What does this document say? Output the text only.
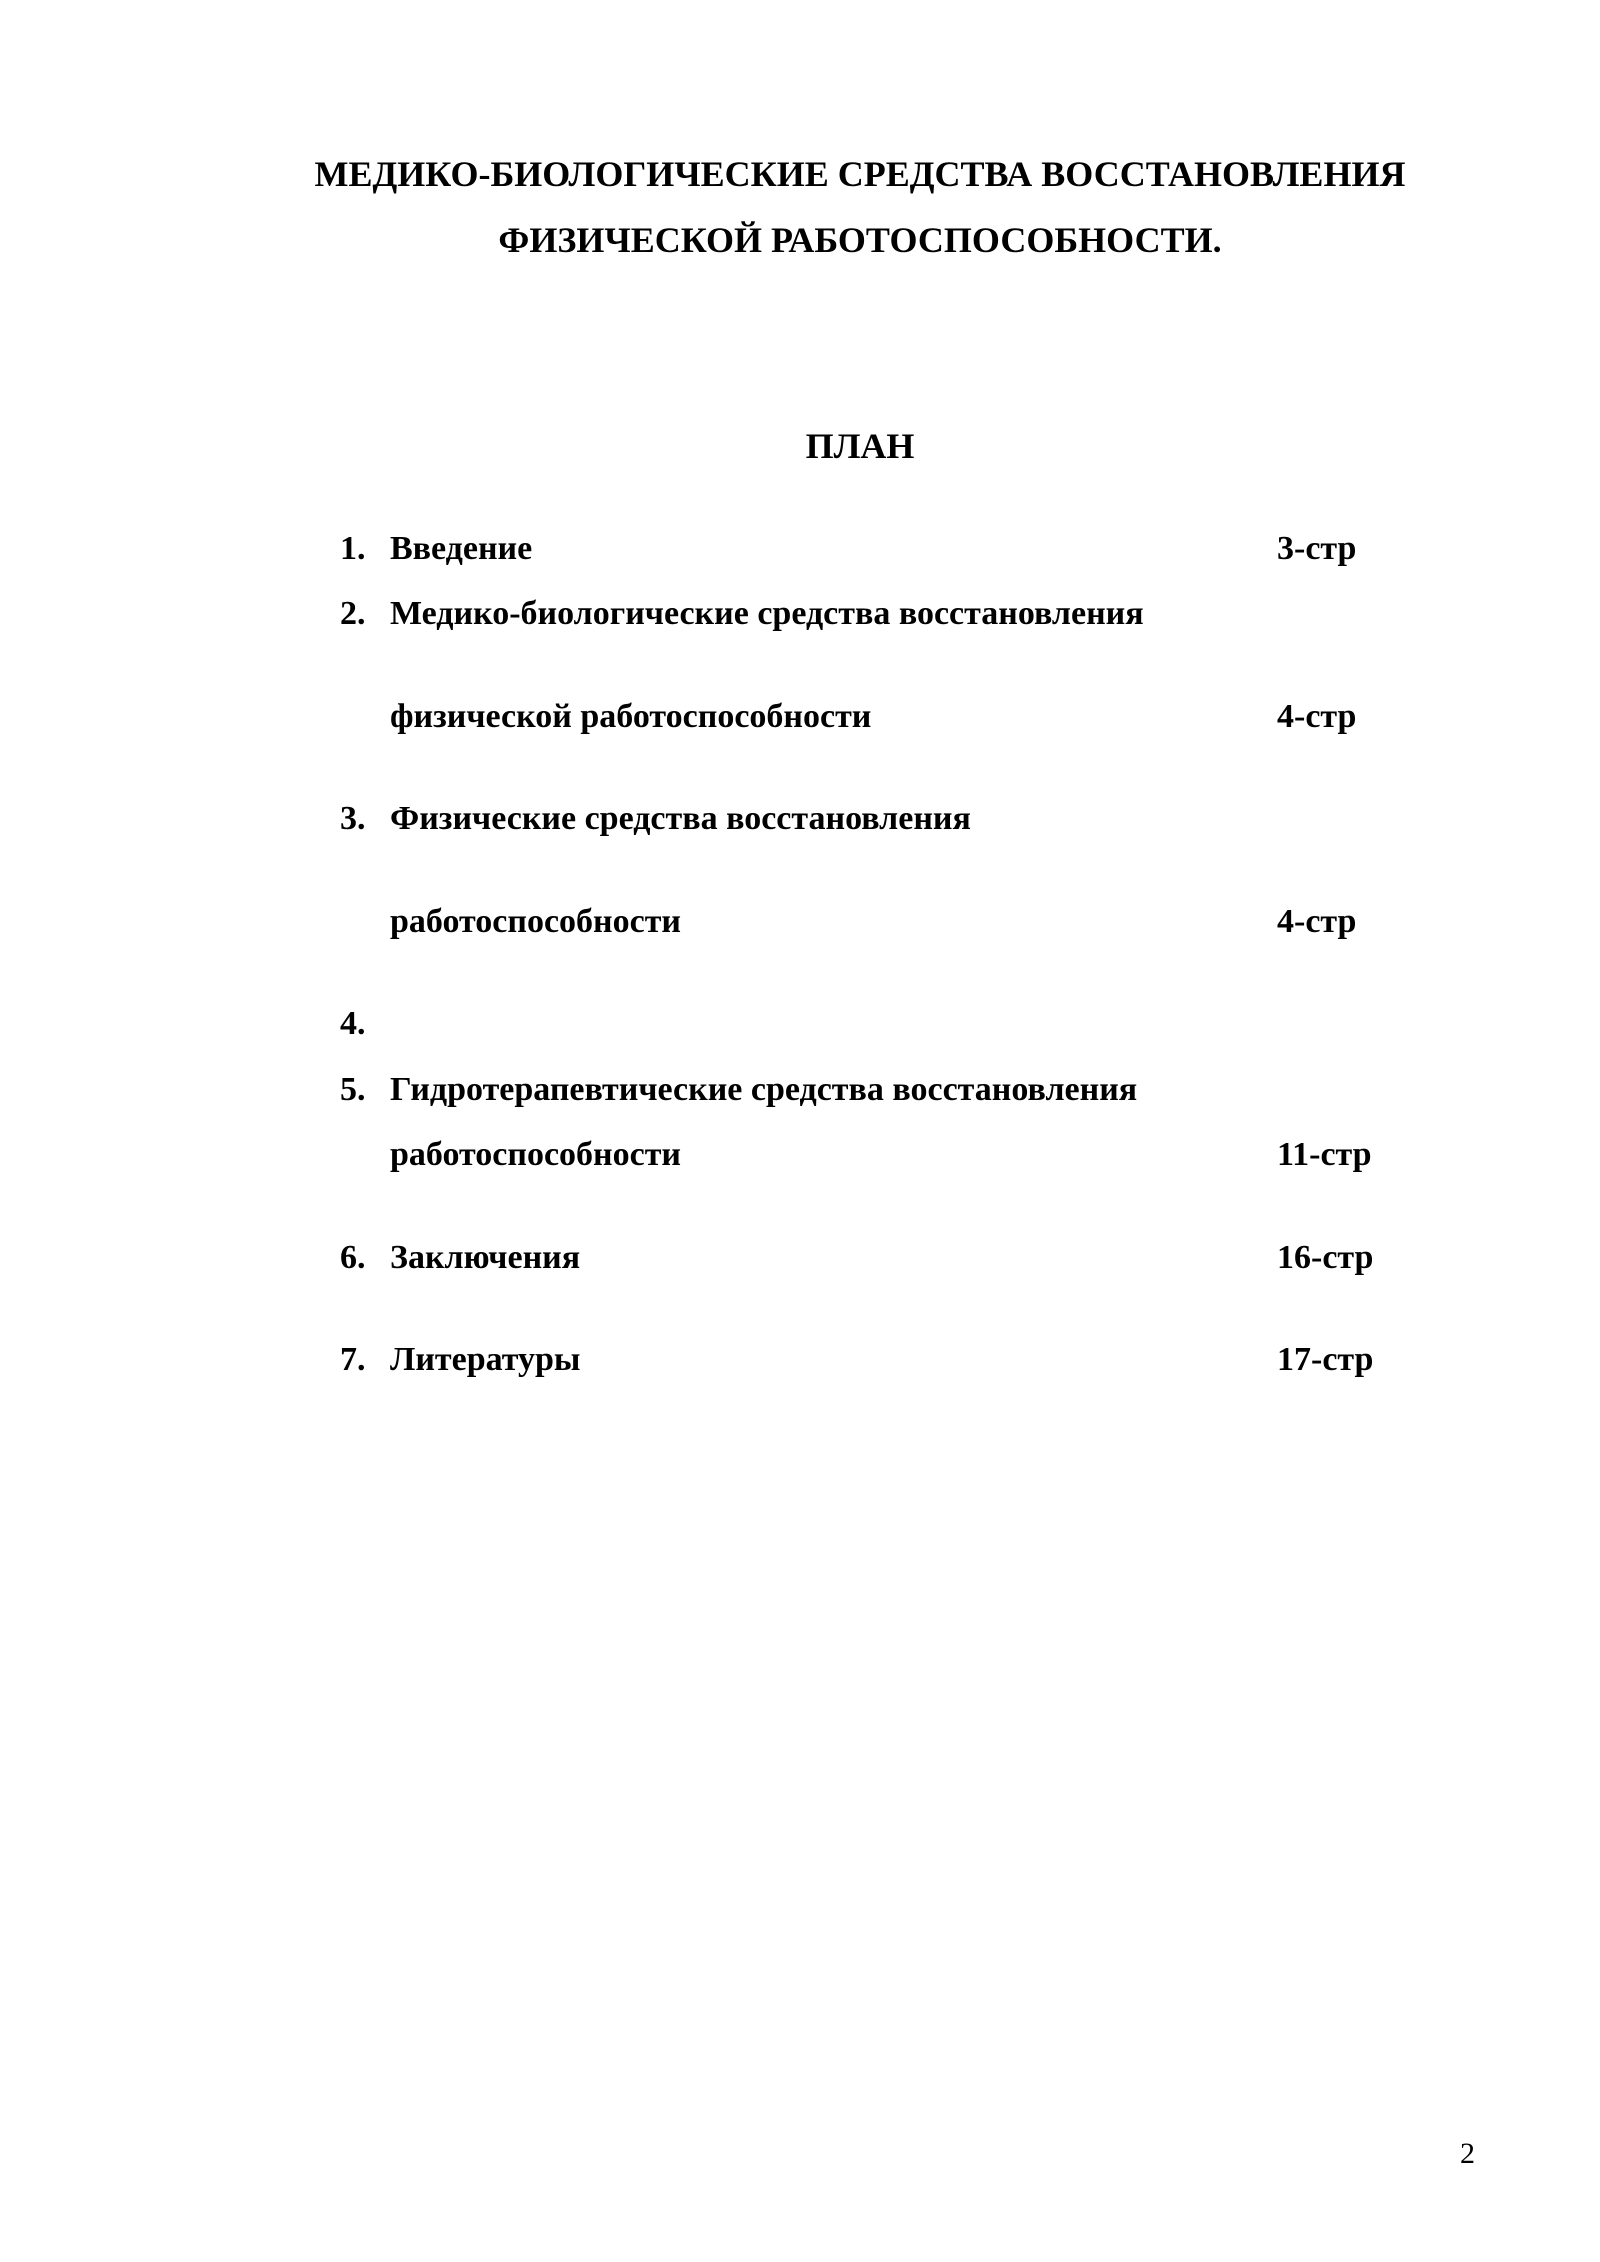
МЕДИКО-БИОЛОГИЧЕСКИЕ СРЕДСТВА ВОССТАНОВЛЕНИЯ
ФИЗИЧЕСКОЙ РАБОТОСПОСОБНОСТИ.
ПЛАН
1. Введение	3-стр
2. Медико-биологические средства восстановления
физической работоспособности	4-стр
3. Физические средства восстановления
работоспособности	4-стр
4.
5. Гидротерапевтические средства восстановления
работоспособности	11-стр
6. Заключения	16-стр
7. Литературы	17-стр
2
